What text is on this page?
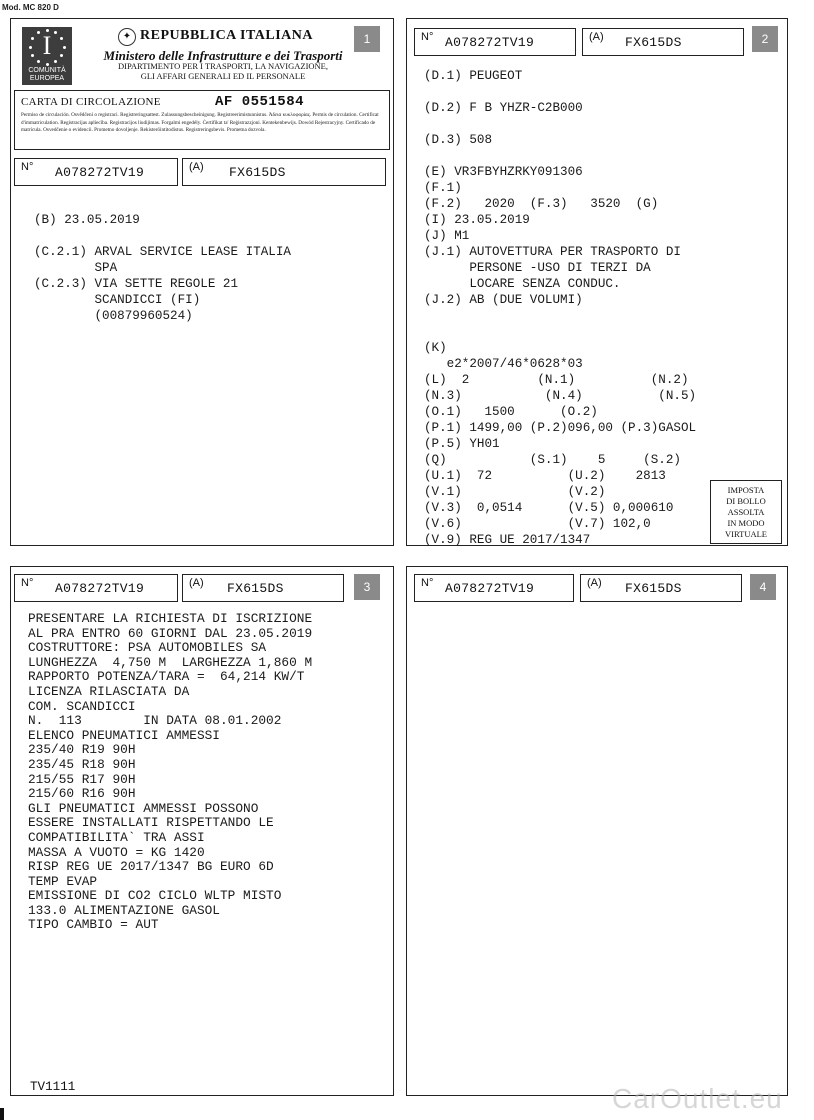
Mod. MC 820 D
1
I
COMUNITÀ EUROPEA
✦ REPUBBLICA ITALIANA
Ministero delle Infrastrutture e dei Trasporti
DIPARTIMENTO PER I TRASPORTI, LA NAVIGAZIONE,
GLI AFFARI GENERALI ED IL PERSONALE
CARTA DI CIRCOLAZIONE	AF 0551584
Permiso de circulación. Osvědčení o registraci. Registreringsattest. Zulassungsbescheinigung. Registreerimistunnistus. Άδεια κυκλοφορίας. Permis de circulation. Certificat d'immatriculation. Registracijas apliecība. Registracijos liudijimas. Forgalmi engedély. Ċertifikat ta' Reġistrazzjoni. Kentekenbewijs. Dowód Rejestracyjny. Certificado de matrícula. Osvedčenie o evidencii. Prometno dovoljenje. Rekisteröintitodistus. Registreringsbevis. Prometna dozvola.
N° A078272TV19	(A) FX615DS
(B) 23.05.2019

(C.2.1) ARVAL SERVICE LEASE ITALIA
SPA
(C.2.3) VIA SETTE REGOLE 21
SCANDICCI (FI)
(00879960524)
2
N° A078272TV19	(A) FX615DS
(D.1) PEUGEOT

(D.2) F B YHZR-C2B000

(D.3) 508

(E) VR3FBYHZRKY091306
(F.1)
(F.2)   2020  (F.3)   3520  (G)
(I) 23.05.2019
(J) M1
(J.1) AUTOVETTURA PER TRASPORTO DI
PERSONE -USO DI TERZI DA
LOCARE SENZA CONDUC.
(J.2) AB (DUE VOLUMI)

(K)
e2*2007/46*0628*03
(L)  2         (N.1)          (N.2)
(N.3)           (N.4)          (N.5)
(O.1)   1500      (O.2)
(P.1) 1499,00 (P.2)096,00 (P.3)GASOL
(P.5) YH01
(Q)           (S.1)    5     (S.2)
(U.1)  72          (U.2)    2813
(V.1)              (V.2)
(V.3)  0,0514      (V.5) 0,000610
(V.6)              (V.7) 102,0
(V.9) REG UE 2017/1347
IMPOSTA
DI BOLLO
ASSOLTA
IN MODO
VIRTUALE
3
N° A078272TV19	(A) FX615DS
PRESENTARE LA RICHIESTA DI ISCRIZIONE
AL PRA ENTRO 60 GIORNI DAL 23.05.2019
COSTRUTTORE: PSA AUTOMOBILES SA
LUNGHEZZA  4,750 M  LARGHEZZA 1,860 M
RAPPORTO POTENZA/TARA =  64,214 KW/T
LICENZA RILASCIATA DA
COM. SCANDICCI
N.  113        IN DATA 08.01.2002
ELENCO PNEUMATICI AMMESSI
235/40 R19 90H
235/45 R18 90H
215/55 R17 90H
215/60 R16 90H
GLI PNEUMATICI AMMESSI POSSONO
ESSERE INSTALLATI RISPETTANDO LE
COMPATIBILITA` TRA ASSI
MASSA A VUOTO = KG 1420
RISP REG UE 2017/1347 BG EURO 6D
TEMP EVAP
EMISSIONE DI CO2 CICLO WLTP MISTO
133.0 ALIMENTAZIONE GASOL
TIPO CAMBIO = AUT
TV1111
4
N° A078272TV19	(A) FX615DS
CarOutlet.eu
